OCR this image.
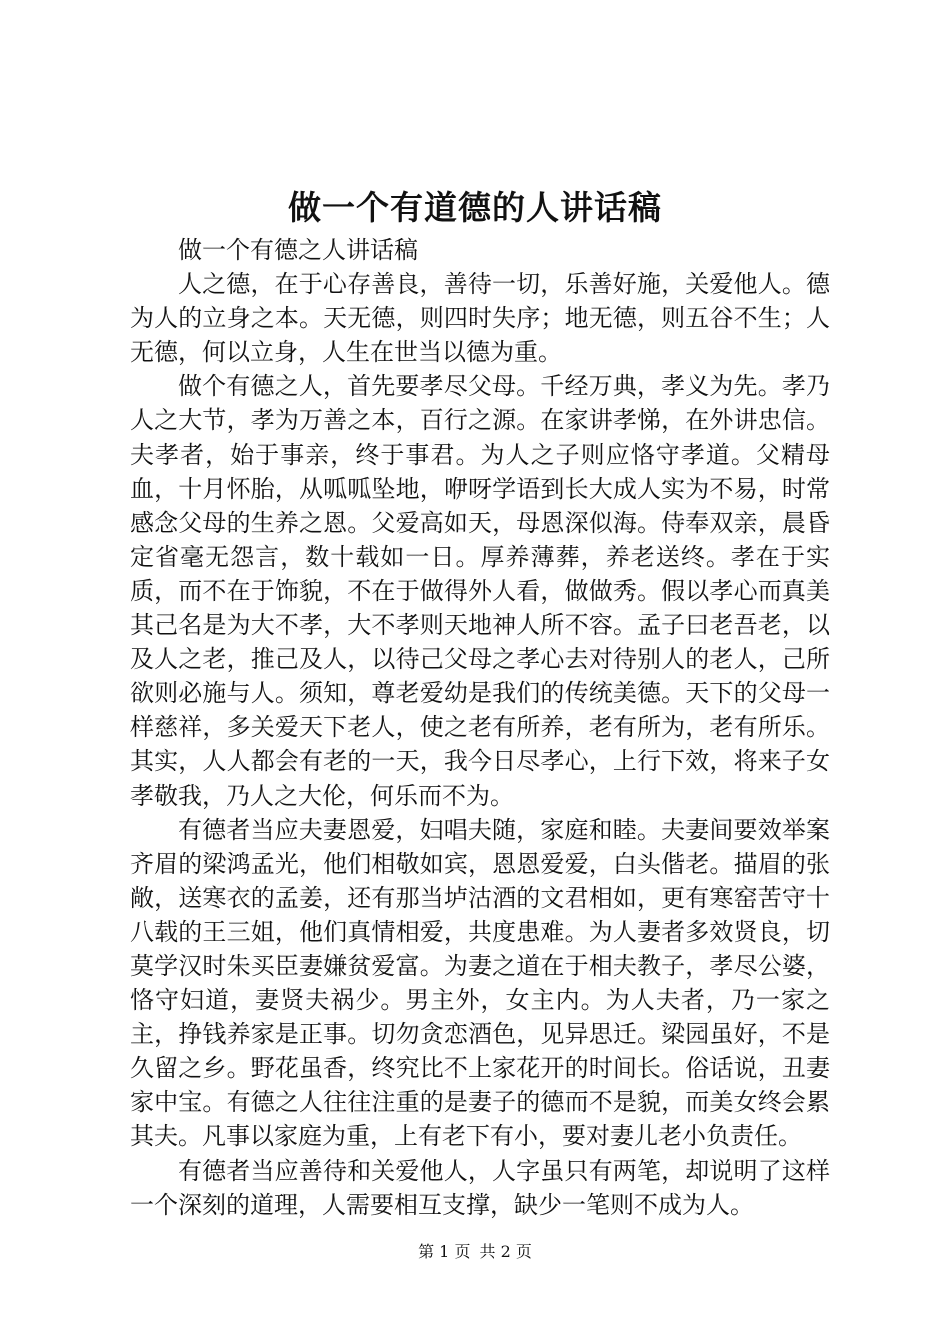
做一个有道德的人讲话稿

做一个有德之人讲话稿

人之德，在于心存善良，善待一切，乐善好施，关爱他人。德为人的立身之本。天无德，则四时失序；地无德，则五谷不生；人无德，何以立身，人生在世当以德为重。

做个有德之人，首先要孝尽父母。千经万典，孝义为先。孝乃人之大节，孝为万善之本，百行之源。在家讲孝悌，在外讲忠信。夫孝者，始于事亲，终于事君。为人之子则应恪守孝道。父精母血，十月怀胎，从呱呱坠地，咿呀学语到长大成人实为不易，时常感念父母的生养之恩。父爱高如天，母恩深似海。侍奉双亲，晨昏定省毫无怨言，数十载如一日。厚养薄葬，养老送终。孝在于实质，而不在于饰貌，不在于做得外人看，做做秀。假以孝心而真美其己名是为大不孝，大不孝则天地神人所不容。孟子曰老吾老，以及人之老，推己及人，以待己父母之孝心去对待别人的老人，己所欲则必施与人。须知，尊老爱幼是我们的传统美德。天下的父母一样慈祥，多关爱天下老人，使之老有所养，老有所为，老有所乐。其实，人人都会有老的一天，我今日尽孝心，上行下效，将来子女孝敬我，乃人之大伦，何乐而不为。

有德者当应夫妻恩爱，妇唱夫随，家庭和睦。夫妻间要效举案齐眉的梁鸿孟光，他们相敬如宾，恩恩爱爱，白头偕老。描眉的张敞，送寒衣的孟姜，还有那当垆沽酒的文君相如，更有寒窑苦守十八载的王三姐，他们真情相爱，共度患难。为人妻者多效贤良，切莫学汉时朱买臣妻嫌贫爱富。为妻之道在于相夫教子，孝尽公婆，恪守妇道，妻贤夫祸少。男主外，女主内。为人夫者，乃一家之主，挣钱养家是正事。切勿贪恋酒色，见异思迁。梁园虽好，不是久留之乡。野花虽香，终究比不上家花开的时间长。俗话说，丑妻家中宝。有德之人往往注重的是妻子的德而不是貌，而美女终会累其夫。凡事以家庭为重，上有老下有小，要对妻儿老小负责任。

有德者当应善待和关爱他人，人字虽只有两笔，却说明了这样一个深刻的道理，人需要相互支撑，缺少一笔则不成为人。

第 1 页 共 2 页
